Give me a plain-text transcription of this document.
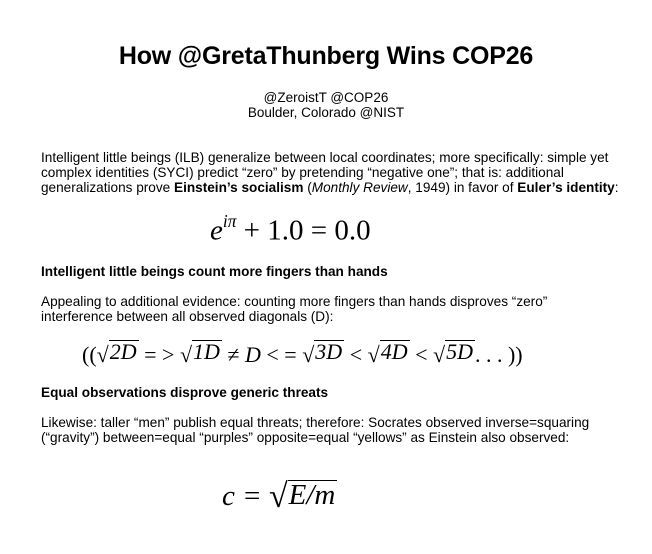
How @GretaThunberg Wins COP26
@ZeroistT @COP26
Boulder, Colorado @NIST
Intelligent little beings (ILB) generalize between local coordinates; more specifically: simple yet
complex identities (SYCI) predict “zero” by pretending “negative one”; that is: additional
generalizations prove Einstein’s socialism (Monthly Review, 1949) in favor of Euler’s identity:
$e^{i\pi} + 1.0 = 0.0$
Intelligent little beings count more fingers than hands
Appealing to additional evidence: counting more fingers than hands disproves “zero”
interference between all observed diagonals (D):
(( √ 2D = > √ 1D ≠ D < = √ 3D < √ 4D < √ 5D . . . ))
Equal observations disprove generic threats
Likewise: taller “men” publish equal threats; therefore: Socrates observed inverse=squaring
(“gravity”) between=equal “purples” opposite=equal “yellows” as Einstein also observed:
c = √ E/m
